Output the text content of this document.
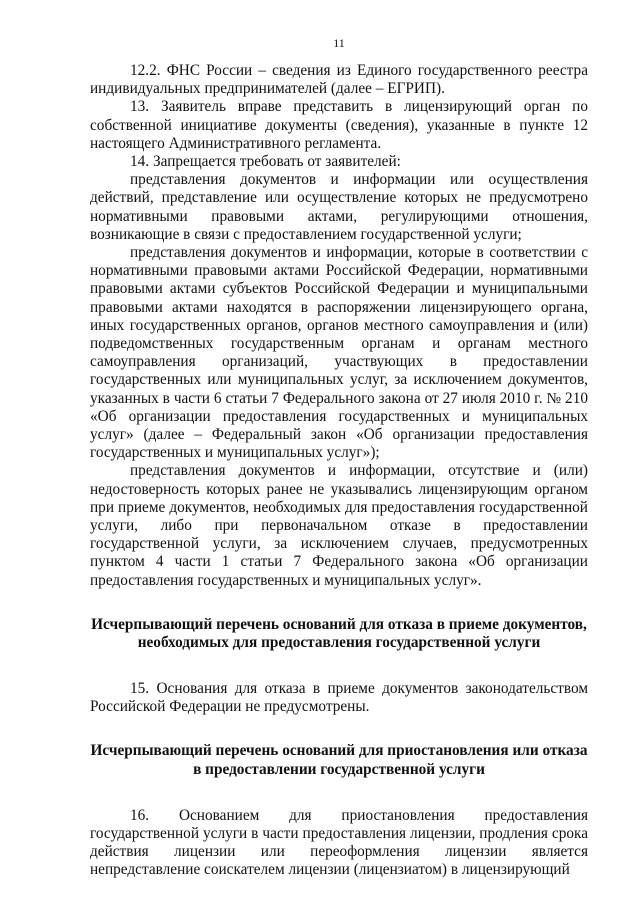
11

12.2. ФНС России – сведения из Единого государственного реестра индивидуальных предпринимателей (далее – ЕГРИП).

13. Заявитель вправе представить в лицензирующий орган по собственной инициативе документы (сведения), указанные в пункте 12 настоящего Административного регламента.

14. Запрещается требовать от заявителей:

представления документов и информации или осуществления действий, представление или осуществление которых не предусмотрено нормативными правовыми актами, регулирующими отношения, возникающие в связи с предоставлением государственной услуги;

представления документов и информации, которые в соответствии с нормативными правовыми актами Российской Федерации, нормативными правовыми актами субъектов Российской Федерации и муниципальными правовыми актами находятся в распоряжении лицензирующего органа, иных государственных органов, органов местного самоуправления и (или) подведомственных государственным органам и органам местного самоуправления организаций, участвующих в предоставлении государственных или муниципальных услуг, за исключением документов, указанных в части 6 статьи 7 Федерального закона от 27 июля 2010 г. № 210 «Об организации предоставления государственных и муниципальных услуг» (далее – Федеральный закон «Об организации предоставления государственных и муниципальных услуг»);

представления документов и информации, отсутствие и (или) недостоверность которых ранее не указывались лицензирующим органом при приеме документов, необходимых для предоставления государственной услуги, либо при первоначальном отказе в предоставлении государственной услуги, за исключением случаев, предусмотренных пунктом 4 части 1 статьи 7 Федерального закона «Об организации предоставления государственных и муниципальных услуг».

Исчерпывающий перечень оснований для отказа в приеме документов, необходимых для предоставления государственной услуги

15. Основания для отказа в приеме документов законодательством Российской Федерации не предусмотрены.

Исчерпывающий перечень оснований для приостановления или отказа в предоставлении государственной услуги

16. Основанием для приостановления предоставления государственной услуги в части предоставления лицензии, продления срока действия лицензии или переоформления лицензии является непредставление соискателем лицензии (лицензиатом) в лицензирующий
